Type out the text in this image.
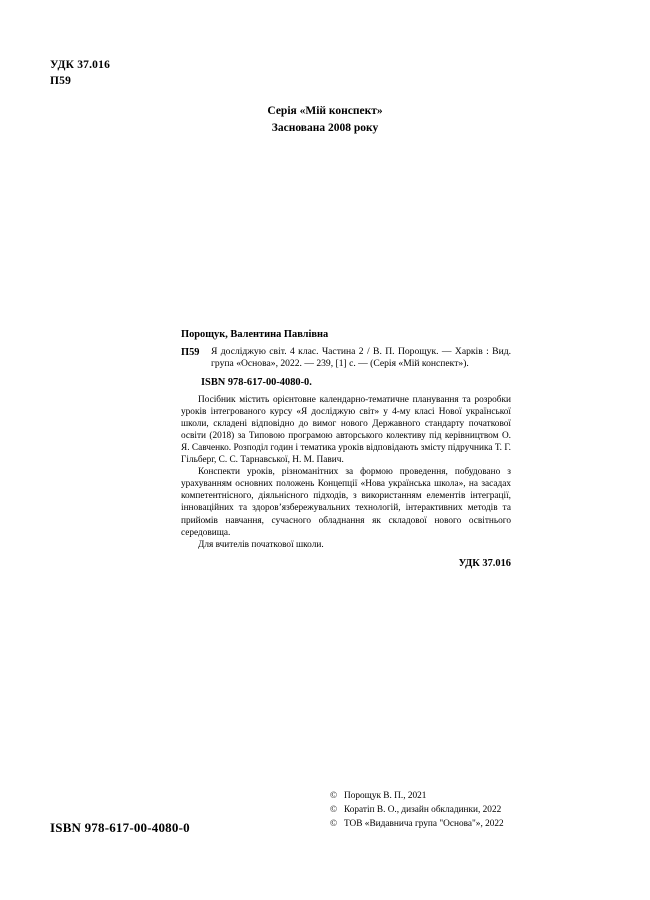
УДК 37.016
П59
Серія «Мій конспект»
Заснована 2008 року
Порощук, Валентина Павлівна
П59 Я досліджую світ. 4 клас. Частина 2 / В. П. Порощук. — Харків : Вид. група «Основа», 2022. — 239, [1] с. — (Серія «Мій конспект»).
ISBN 978-617-00-4080-0.

Посібник містить орієнтовне календарно-тематичне планування та розробки уроків інтегрованого курсу «Я досліджую світ» у 4-му класі Нової української школи, складені відповідно до вимог нового Державного стандарту початкової освіти (2018) за Типовою програмою авторського колективу під керівництвом О. Я. Савченко. Розподіл годин і тематика уроків відповідають змісту підручника Т. Г. Гільберг, С. С. Тарнавської, Н. М. Павич.

Конспекти уроків, різноманітних за формою проведення, побудовано з урахуванням основних положень Концепції «Нова українська школа», на засадах компетентнісного, діяльнісного підходів, з використанням елементів інтеграції, інноваційних та здоров’язбережувальних технологій, інтерактивних методів та прийомів навчання, сучасного обладнання як складової нового освітнього середовища.

Для вчителів початкової школи.

УДК 37.016
© Порощук В. П., 2021
© Коратіп В. О., дизайн обкладинки, 2022
© ТОВ «Видавнича група "Основа"», 2022
ISBN 978-617-00-4080-0
